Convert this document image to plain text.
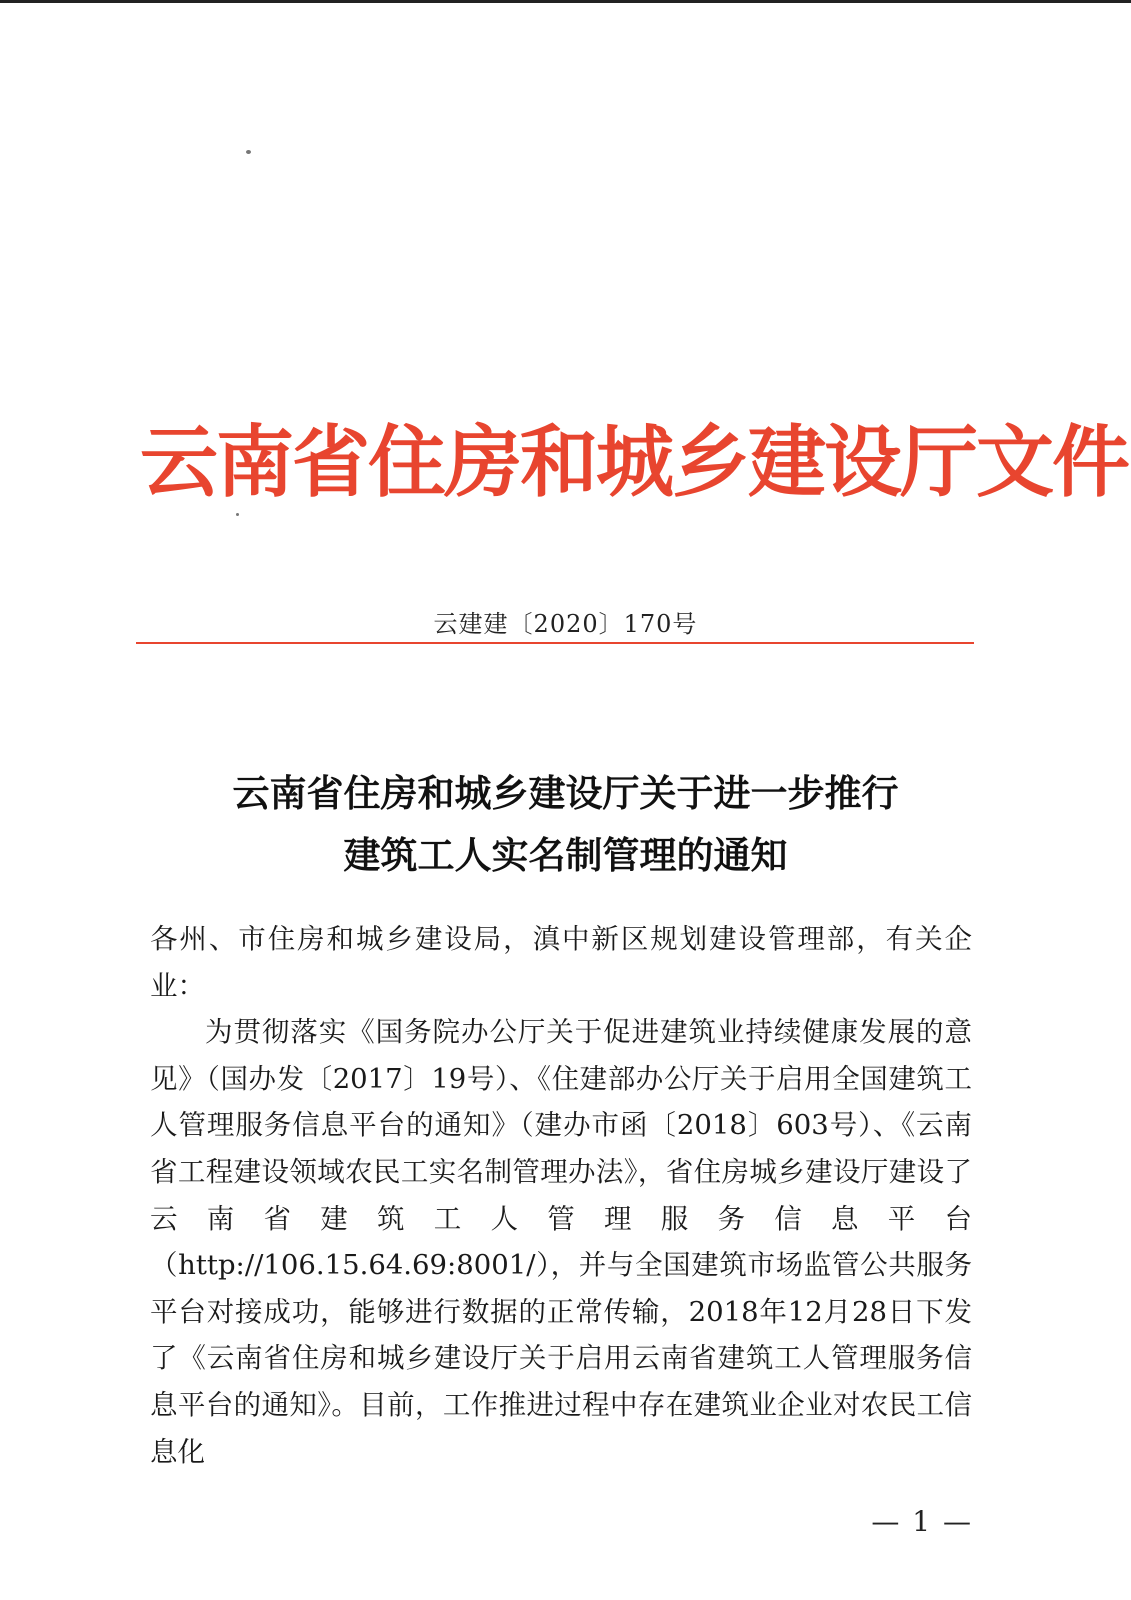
云南省住房和城乡建设厅文件
云建建〔2020〕170号
云南省住房和城乡建设厅关于进一步推行
建筑工人实名制管理的通知

各州、市住房和城乡建设局，滇中新区规划建设管理部，有关企业：

为贯彻落实《国务院办公厅关于促进建筑业持续健康发展的意见》（国办发〔2017〕19号）、《住建部办公厅关于启用全国建筑工人管理服务信息平台的通知》（建办市函〔2018〕603号）、《云南省工程建设领域农民工实名制管理办法》，省住房城乡建设厅建设了云南省建筑工人管理服务信息平台（http://106.15.64.69:8001/），并与全国建筑市场监管公共服务平台对接成功，能够进行数据的正常传输，2018年12月28日下发了《云南省住房和城乡建设厅关于启用云南省建筑工人管理服务信息平台的通知》。目前，工作推进过程中存在建筑业企业对农民工信息化

— 1 —
